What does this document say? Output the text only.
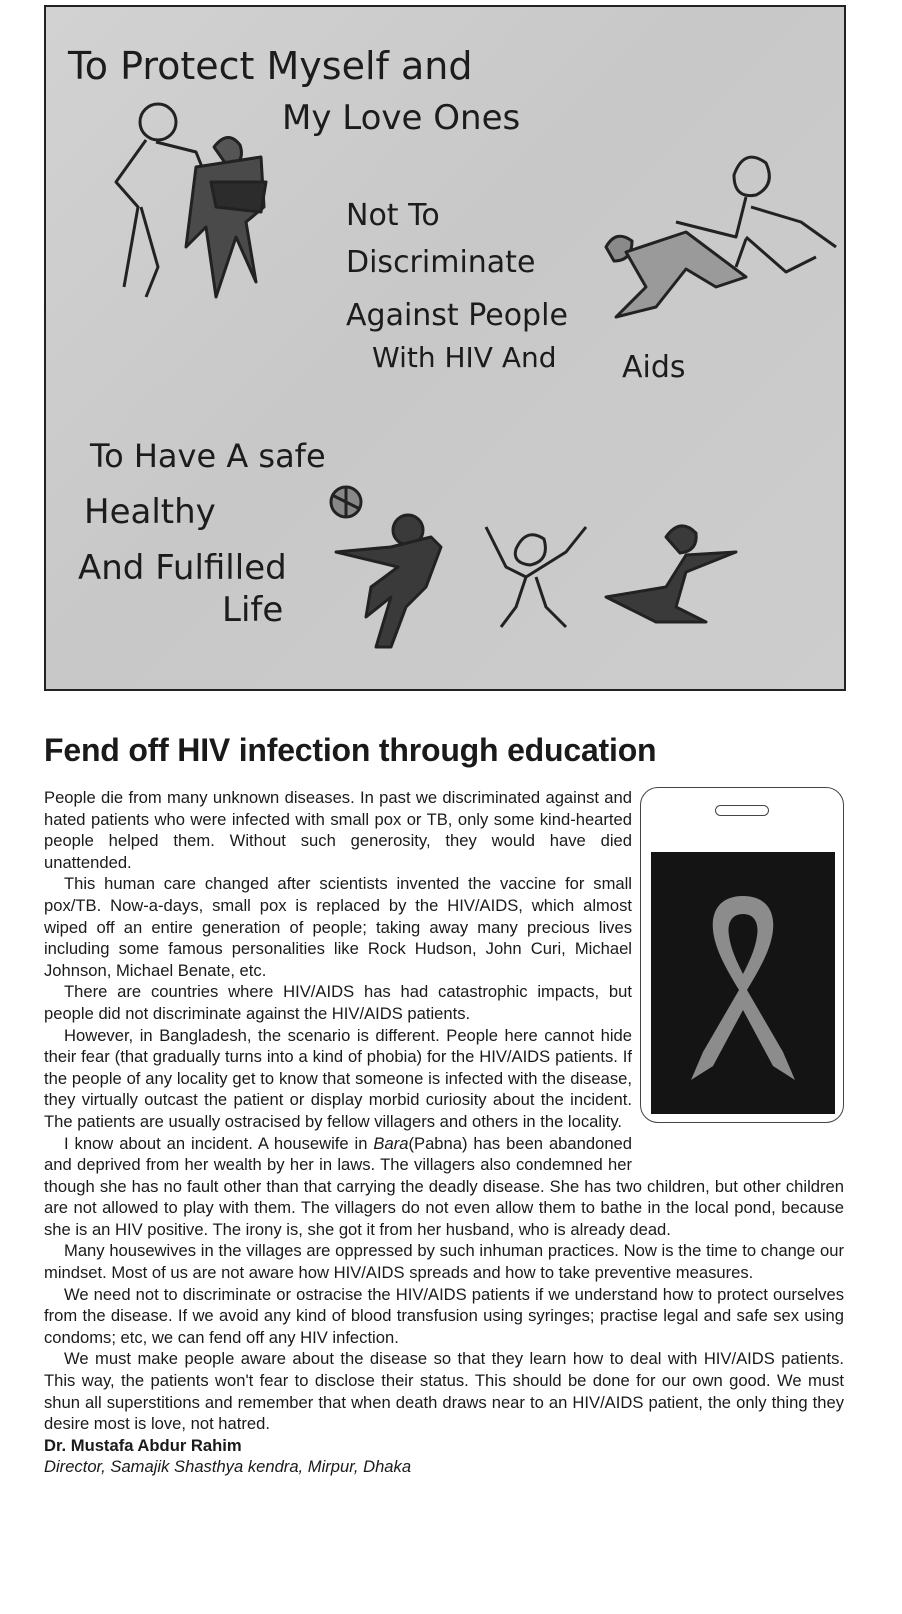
To Protect Myself and
My Love Ones
Not To
Discriminate
Against People
With HIV And Aids
To Have A safe
Healthy
And Fulfilled
Life
Fend off HIV infection through education

People die from many unknown diseases. In past we discriminated against and hated patients who were infected with small pox or TB, only some kind-hearted people helped them. Without such generosity, they would have died unattended.

This human care changed after scientists invented the vaccine for small pox/TB. Now-a-days, small pox is replaced by the HIV/AIDS, which almost wiped off an entire generation of people; taking away many precious lives including some famous personalities like Rock Hudson, John Curi, Michael Johnson, Michael Benate, etc.

There are countries where HIV/AIDS has had catastrophic impacts, but people did not discriminate against the HIV/AIDS patients.

However, in Bangladesh, the scenario is different. People here cannot hide their fear (that gradually turns into a kind of phobia) for the HIV/AIDS patients. If the people of any locality get to know that someone is infected with the disease, they virtually outcast the patient or display morbid curiosity about the incident. The patients are usually ostracised by fellow villagers and others in the locality.

I know about an incident. A housewife in Bara(Pabna) has been abandoned and deprived from her wealth by her in laws. The villagers also condemned her though she has no fault other than that carrying the deadly disease. She has two children, but other children are not allowed to play with them. The villagers do not even allow them to bathe in the local pond, because she is an HIV positive. The irony is, she got it from her husband, who is already dead.

Many housewives in the villages are oppressed by such inhuman practices. Now is the time to change our mindset. Most of us are not aware how HIV/AIDS spreads and how to take preventive measures.

We need not to discriminate or ostracise the HIV/AIDS patients if we understand how to protect ourselves from the disease. If we avoid any kind of blood transfusion using syringes; practise legal and safe sex using condoms; etc, we can fend off any HIV infection.

We must make people aware about the disease so that they learn how to deal with HIV/AIDS patients. This way, the patients won't fear to disclose their status. This should be done for our own good. We must shun all superstitions and remember that when death draws near to an HIV/AIDS patient, the only thing they desire most is love, not hatred.

Dr. Mustafa Abdur Rahim
Director, Samajik Shasthya kendra, Mirpur, Dhaka
